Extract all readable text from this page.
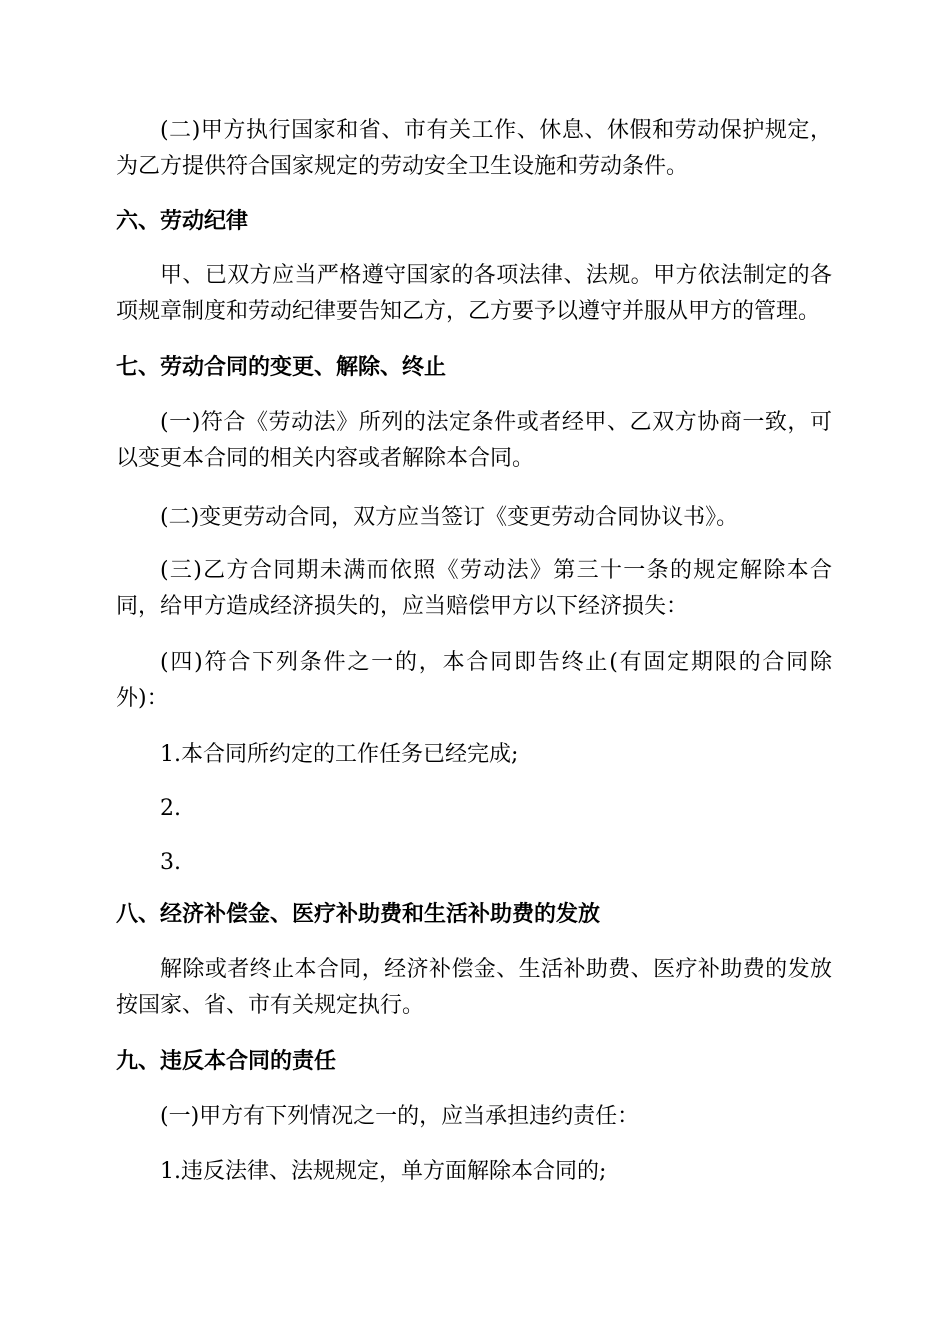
(二)甲方执行国家和省、市有关工作、休息、休假和劳动保护规定，为乙方提供符合国家规定的劳动安全卫生设施和劳动条件。

六、劳动纪律

甲、已双方应当严格遵守国家的各项法律、法规。甲方依法制定的各项规章制度和劳动纪律要告知乙方，乙方要予以遵守并服从甲方的管理。

七、劳动合同的变更、解除、终止

(一)符合《劳动法》所列的法定条件或者经甲、乙双方协商一致，可以变更本合同的相关内容或者解除本合同。

(二)变更劳动合同，双方应当签订《变更劳动合同协议书》。

(三)乙方合同期未满而依照《劳动法》第三十一条的规定解除本合同，给甲方造成经济损失的，应当赔偿甲方以下经济损失：

(四)符合下列条件之一的，本合同即告终止(有固定期限的合同除外)：

1.本合同所约定的工作任务已经完成;

2.

3.

八、经济补偿金、医疗补助费和生活补助费的发放

解除或者终止本合同，经济补偿金、生活补助费、医疗补助费的发放按国家、省、市有关规定执行。

九、违反本合同的责任

(一)甲方有下列情况之一的，应当承担违约责任：

1.违反法律、法规规定，单方面解除本合同的;
